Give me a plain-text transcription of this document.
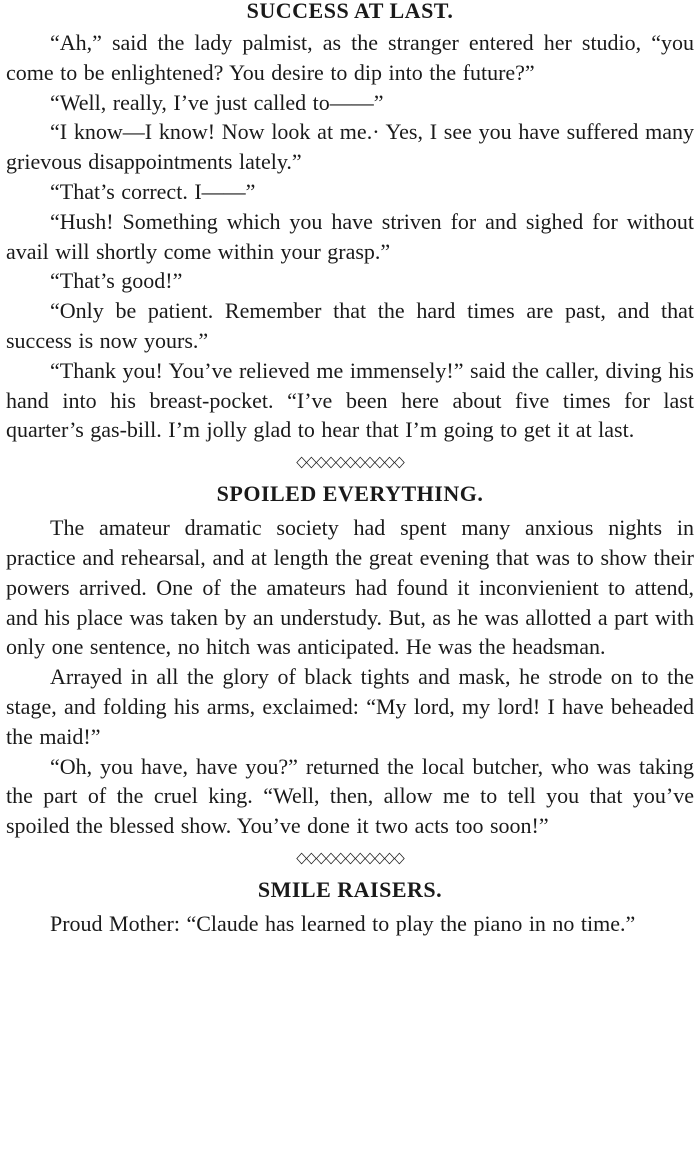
SUCCESS AT LAST.

“Ah,” said the lady palmist, as the stranger entered her studio, “you come to be enlightened? You desire to dip into the future?”

“Well, really, I’ve just called to——”

“I know—I know! Now look at me.· Yes, I see you have suffered many grievous disappointments lately.”

“That’s correct. I——”

“Hush! Something which you have striven for and sighed for without avail will shortly come within your grasp.”

“That’s good!”

“Only be patient. Remember that the hard times are past, and that success is now yours.”

“Thank you! You’ve relieved me immensely!” said the caller, diving his hand into his breast-pocket. “I’ve been here about five times for last quarter’s gas-bill. I’m jolly glad to hear that I’m going to get it at last.

◇◇◇◇◇◇◇◇◇◇◇
SPOILED EVERYTHING.

The amateur dramatic society had spent many anxious nights in practice and rehearsal, and at length the great evening that was to show their powers arrived. One of the amateurs had found it inconvienient to attend, and his place was taken by an understudy. But, as he was allotted a part with only one sentence, no hitch was anticipated. He was the headsman.

Arrayed in all the glory of black tights and mask, he strode on to the stage, and folding his arms, exclaimed: “My lord, my lord! I have beheaded the maid!”

“Oh, you have, have you?” returned the local butcher, who was taking the part of the cruel king. “Well, then, allow me to tell you that you’ve spoiled the blessed show. You’ve done it two acts too soon!”

◇◇◇◇◇◇◇◇◇◇◇
SMILE RAISERS.

Proud Mother: “Claude has learned to play the piano in no time.”
